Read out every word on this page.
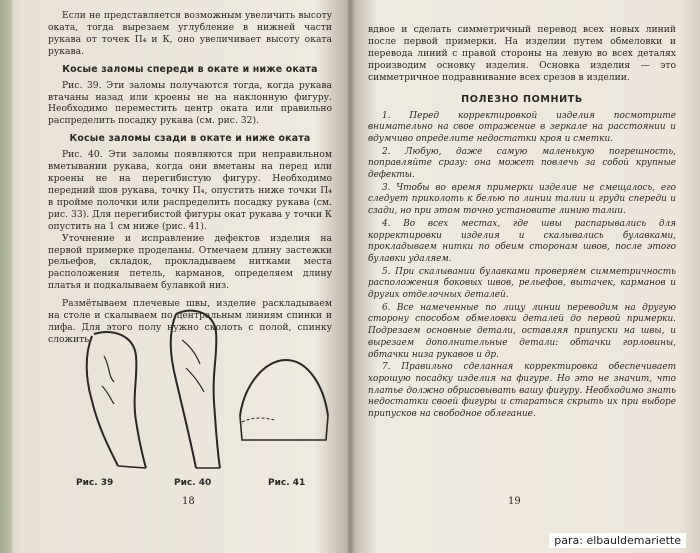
Если не представляется возможным увеличить высоту оката, тогда вырезаем углубление в нижней части рукава от точек П₄ и К, оно увеличивает высоту оката рукава.

Косые заломы спереди в окате и ниже оката

Рис. 39. Эти заломы получаются тогда, когда рукава втачаны назад или кроены не на наклонную фигуру. Необходимо переместить центр оката или правильно распределить посадку рукава (см. рис. 32).

Косые заломы сзади в окате и ниже оката

Рис. 40. Эти заломы появляются при неправильном вметывании рукава, когда они вметаны на перед или кроены не на перегибистую фигуру. Необходимо передний шов рукава, точку П₄, опустить ниже точки П₄ в пройме полочки или распределить посадку рукава (см. рис. 33). Для перегибистой фигуры окат рукава у точки К опустить на 1 см ниже (рис. 41).

Уточнение и исправление дефектов изделия на первой примерке проделаны. Отмечаем длину застежки рельефов, складок, прокладываем нитками места расположения петель, карманов, определяем длину платья и подкалываем булавкой низ.

Размётываем плечевые швы, изделие раскладываем на столе и скалываем по центральным линиям спинки и лифа. Для этого полу нужно сколоть с полой, спинку сложить

Рис. 39	Рис. 40	Рис. 41
18

вдвое и сделать симметричный перевод всех новых линий после первой примерки. На изделии путем обмеловки и перевода линий с правой стороны на левую во всех деталях производим основку изделия. Основка изделия — это симметричное подравнивание всех срезов в изделии.

ПОЛЕЗНО ПОМНИТЬ

1. Перед корректировкой изделия посмотрите внимательно на свое отражение в зеркале на расстоянии и вдумчиво определите недостатки кроя и сметки.

2. Любую, даже самую маленькую погрешность, поправляйте сразу: она может повлечь за собой крупные дефекты.

3. Чтобы во время примерки изделие не смещалось, его следует приколоть к белью по линии талии и груди спереди и сзади, но при этом точно установите линию талии.

4. Во всех местах, где швы распарывались для корректировки изделия и скалывались булавками, прокладываем нитки по обеим сторонам швов, после этого булавки удаляем.

5. При скалывании булавками проверяем симметричность расположения боковых швов, рельефов, вытачек, карманов и других отделочных деталей.

6. Все намеченные по лицу линии переводим на другую сторону способом обмеловки деталей до первой примерки. Подрезаем основные детали, оставляя припуски на швы, и вырезаем дополнительные детали: обтачки горловины, обтачки низа рукавов и др.

7. Правильно сделанная корректировка обеспечивает хорошую посадку изделия на фигуре. Но это не значит, что платье должно обрисовывать вашу фигуру. Необходимо знать недостатки своей фигуры и стараться скрыть их при выборе припусков на свободное облегание.

19
para: elbauldemariette
